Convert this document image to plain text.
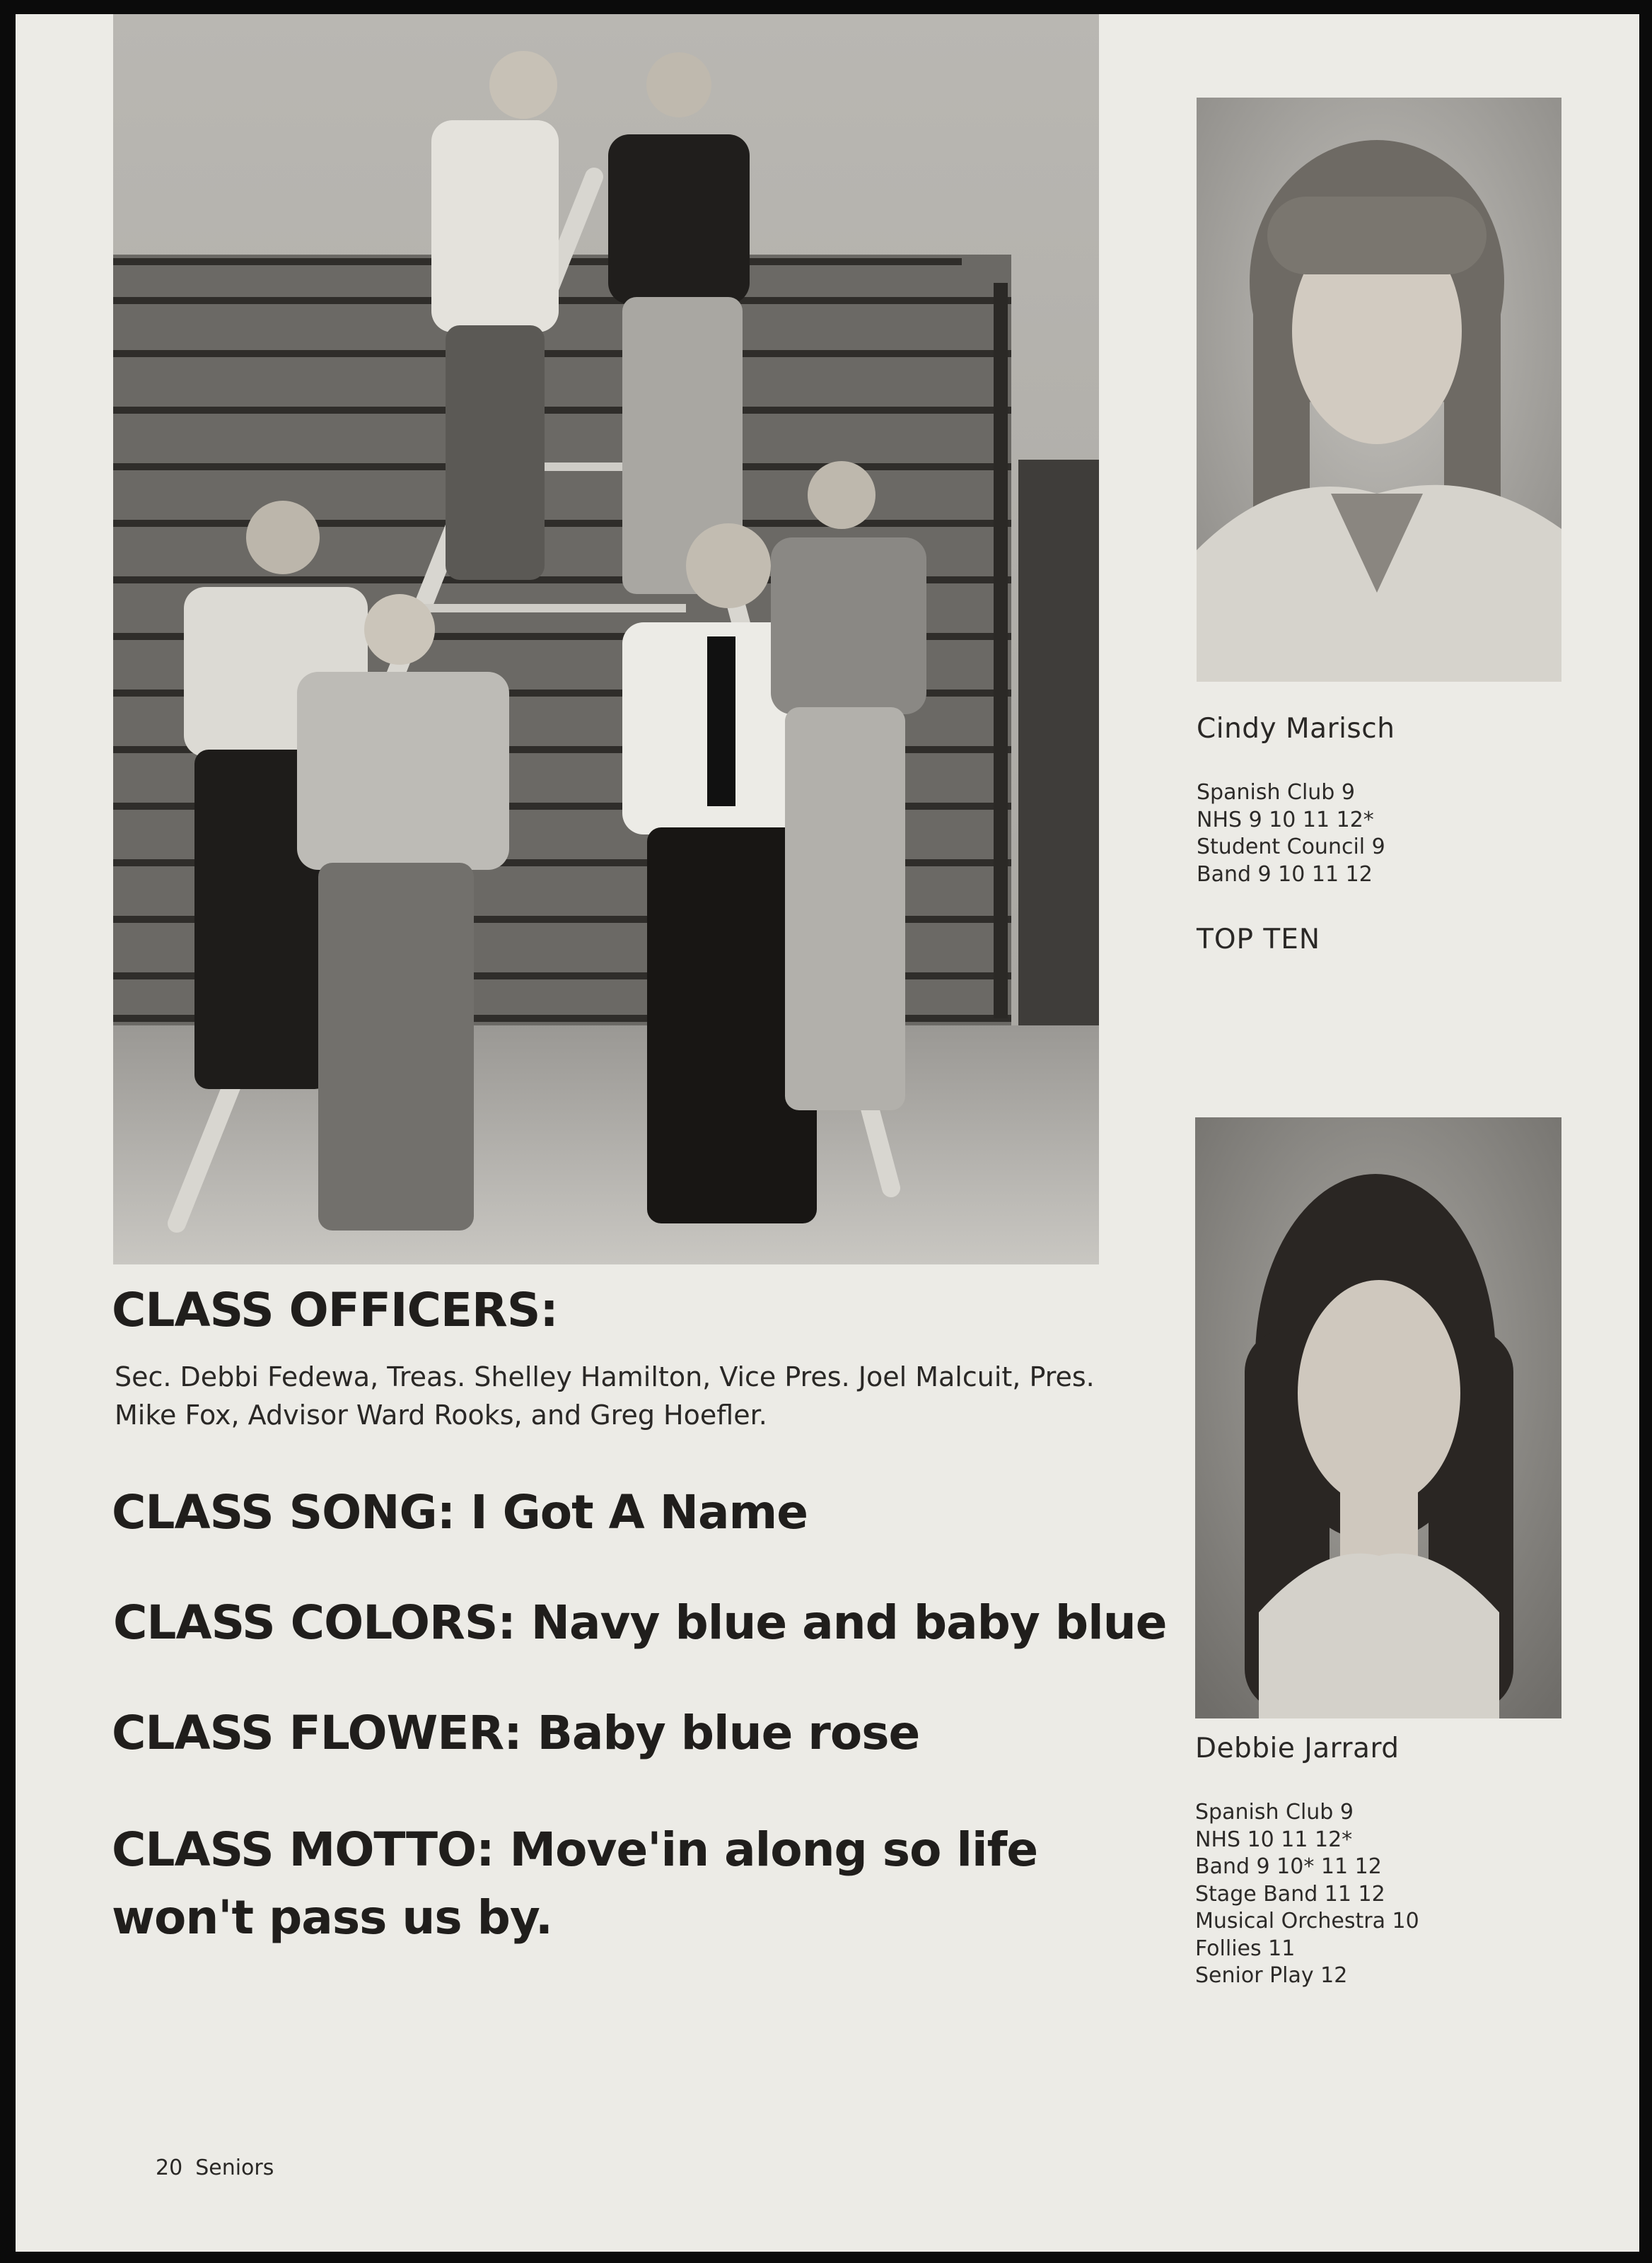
Cindy Marisch
Spanish Club 9
NHS 9 10 11 12*
Student Council 9
Band 9 10 11 12
TOP TEN
Debbie Jarrard
Spanish Club 9
NHS 10 11 12*
Band 9 10* 11 12
Stage Band 11 12
Musical Orchestra 10
Follies 11
Senior Play 12
CLASS OFFICERS:

Sec. Debbi Fedewa, Treas. Shelley Hamilton, Vice Pres. Joel Malcuit, Pres. Mike Fox, Advisor Ward Rooks, and Greg Hoefler.

CLASS SONG: I Got A Name
CLASS COLORS: Navy blue and baby blue
CLASS FLOWER: Baby blue rose
CLASS MOTTO: Move'in along so life won't pass us by.
20 Seniors
